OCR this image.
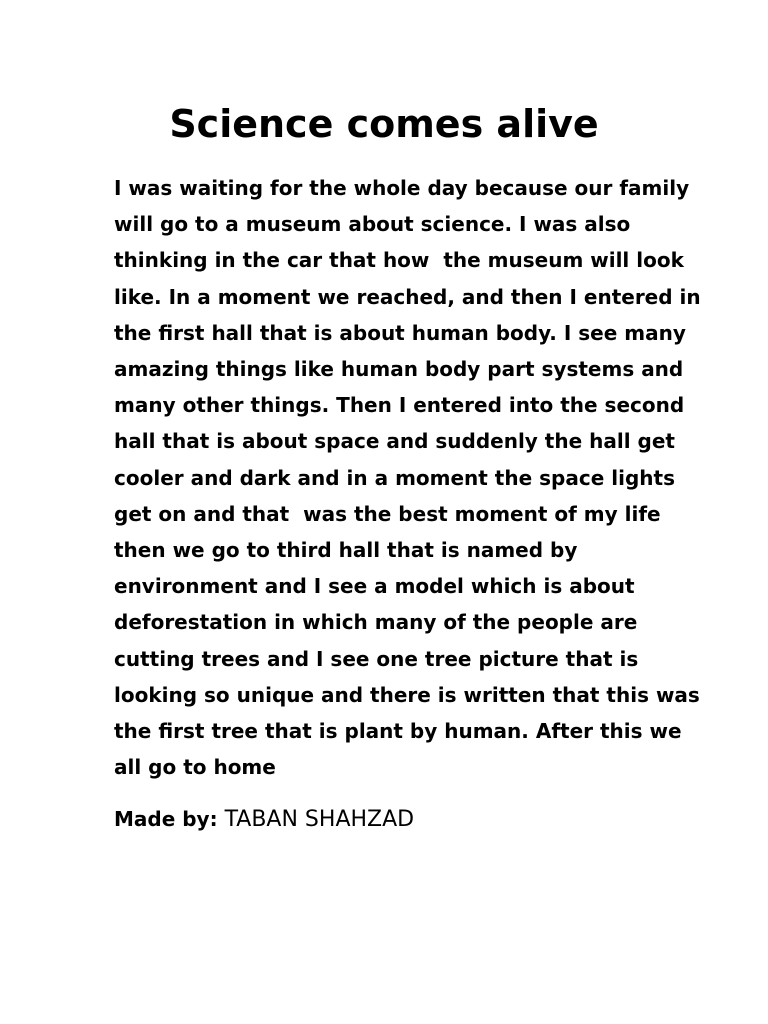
Science comes alive
I was waiting for the whole day because our family
will go to a museum about science. I was also
thinking in the car that how  the museum will look
like. In a moment we reached, and then I entered in
the first hall that is about human body. I see many
amazing things like human body part systems and
many other things. Then I entered into the second
hall that is about space and suddenly the hall get
cooler and dark and in a moment the space lights
get on and that  was the best moment of my life
then we go to third hall that is named by
environment and I see a model which is about
deforestation in which many of the people are
cutting trees and I see one tree picture that is
looking so unique and there is written that this was
the first tree that is plant by human. After this we
all go to home

Made by: TABAN SHAHZAD
